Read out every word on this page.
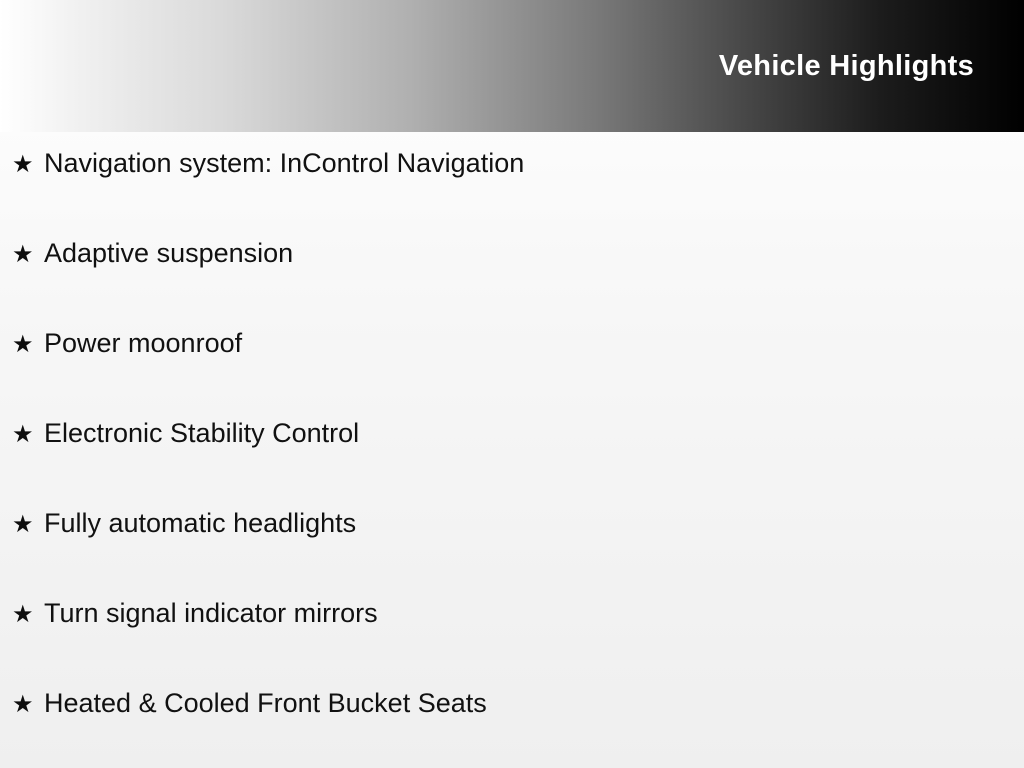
Vehicle Highlights
★ Navigation system: InControl Navigation
★ Adaptive suspension
★ Power moonroof
★ Electronic Stability Control
★ Fully automatic headlights
★ Turn signal indicator mirrors
★ Heated & Cooled Front Bucket Seats
